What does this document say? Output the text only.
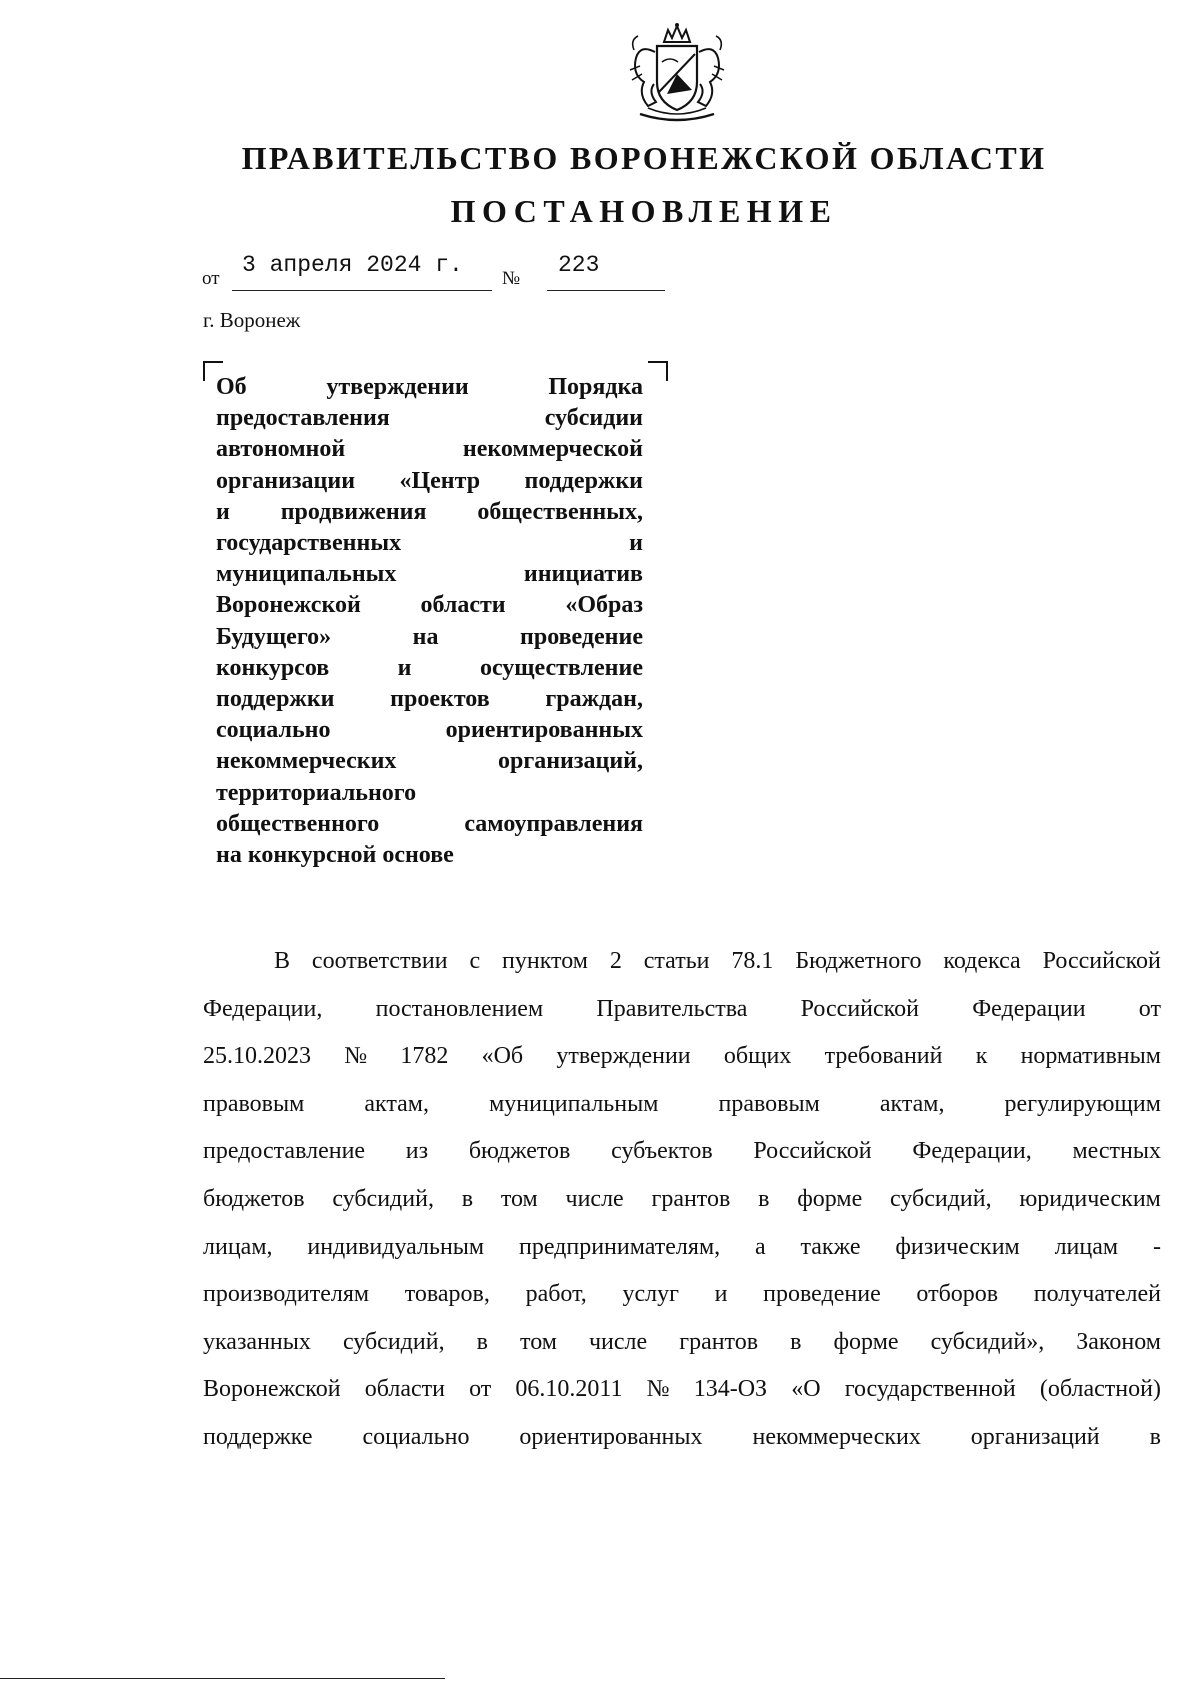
ПРАВИТЕЛЬСТВО ВОРОНЕЖСКОЙ ОБЛАСТИ
ПОСТАНОВЛЕНИЕ
от
3 апреля 2024 г.
№
223
г. Воронеж
Об	утверждении	Порядка
предоставления	субсидии
автономной	некоммерческой
организации «Центр поддержки
и продвижения общественных,
государственных	и
муниципальных	инициатив
Воронежской области «Образ
Будущего»	на	проведение
конкурсов	и	осуществление
поддержки проектов граждан,
социально	ориентированных
некоммерческих	организаций,
территориального
общественного	самоуправления
на конкурсной основе
В соответствии с пунктом 2 статьи 78.1 Бюджетного кодекса Российской
Федерации, постановлением Правительства Российской Федерации от
25.10.2023 № 1782 «Об утверждении общих требований к нормативным
правовым	актам,	муниципальным	правовым	актам,	регулирующим
предоставление из бюджетов субъектов Российской Федерации, местных
бюджетов субсидий, в том числе грантов в форме субсидий, юридическим
лицам, индивидуальным предпринимателям, а также физическим лицам -
производителям товаров, работ, услуг и проведение отборов получателей
указанных субсидий, в том числе грантов в форме субсидий», Законом
Воронежской области от 06.10.2011 № 134-ОЗ «О государственной (областной)
поддержке социально ориентированных некоммерческих организаций в
